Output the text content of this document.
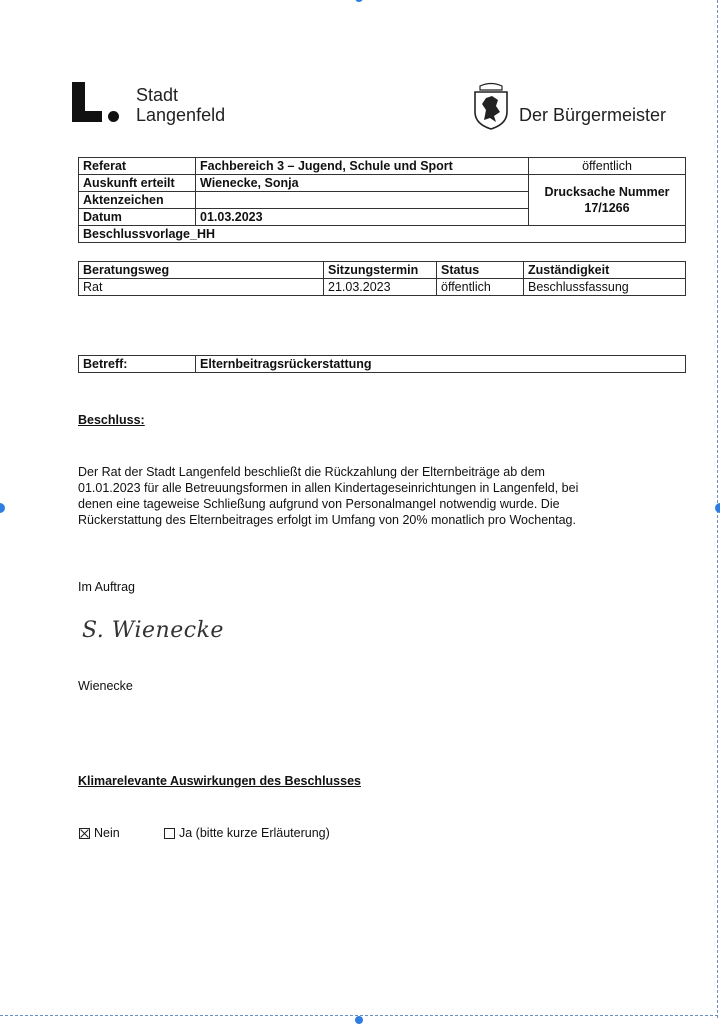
Stadt
Langenfeld	Der Bürgermeister
Referat	Fachbereich 3 – Jugend, Schule und Sport	öffentlich
Auskunft erteilt	Wienecke, Sonja	Drucksache Nummer
17/1266

Aktenzeichen		
Datum	01.03.2023	
Beschlussvorlage_HH		
Beratungsweg	Sitzungstermin	Status	Zuständigkeit
Rat	21.03.2023	öffentlich	Beschlussfassung
Betreff:	Elternbeitragsrückerstattung
Beschluss:

Der Rat der Stadt Langenfeld beschließt die Rückzahlung der Elternbeiträge ab dem

01.01.2023 für alle Betreuungsformen in allen Kindertageseinrichtungen in Langenfeld, bei

denen eine tageweise Schließung aufgrund von Personalmangel notwendig wurde. Die

Rückerstattung des Elternbeitrages erfolgt im Umfang von 20% monatlich pro Wochentag.

Im Auftrag
S. Wienecke
Wienecke
Klimarelevante Auswirkungen des Beschlusses
Nein	Ja (bitte kurze Erläuterung)
